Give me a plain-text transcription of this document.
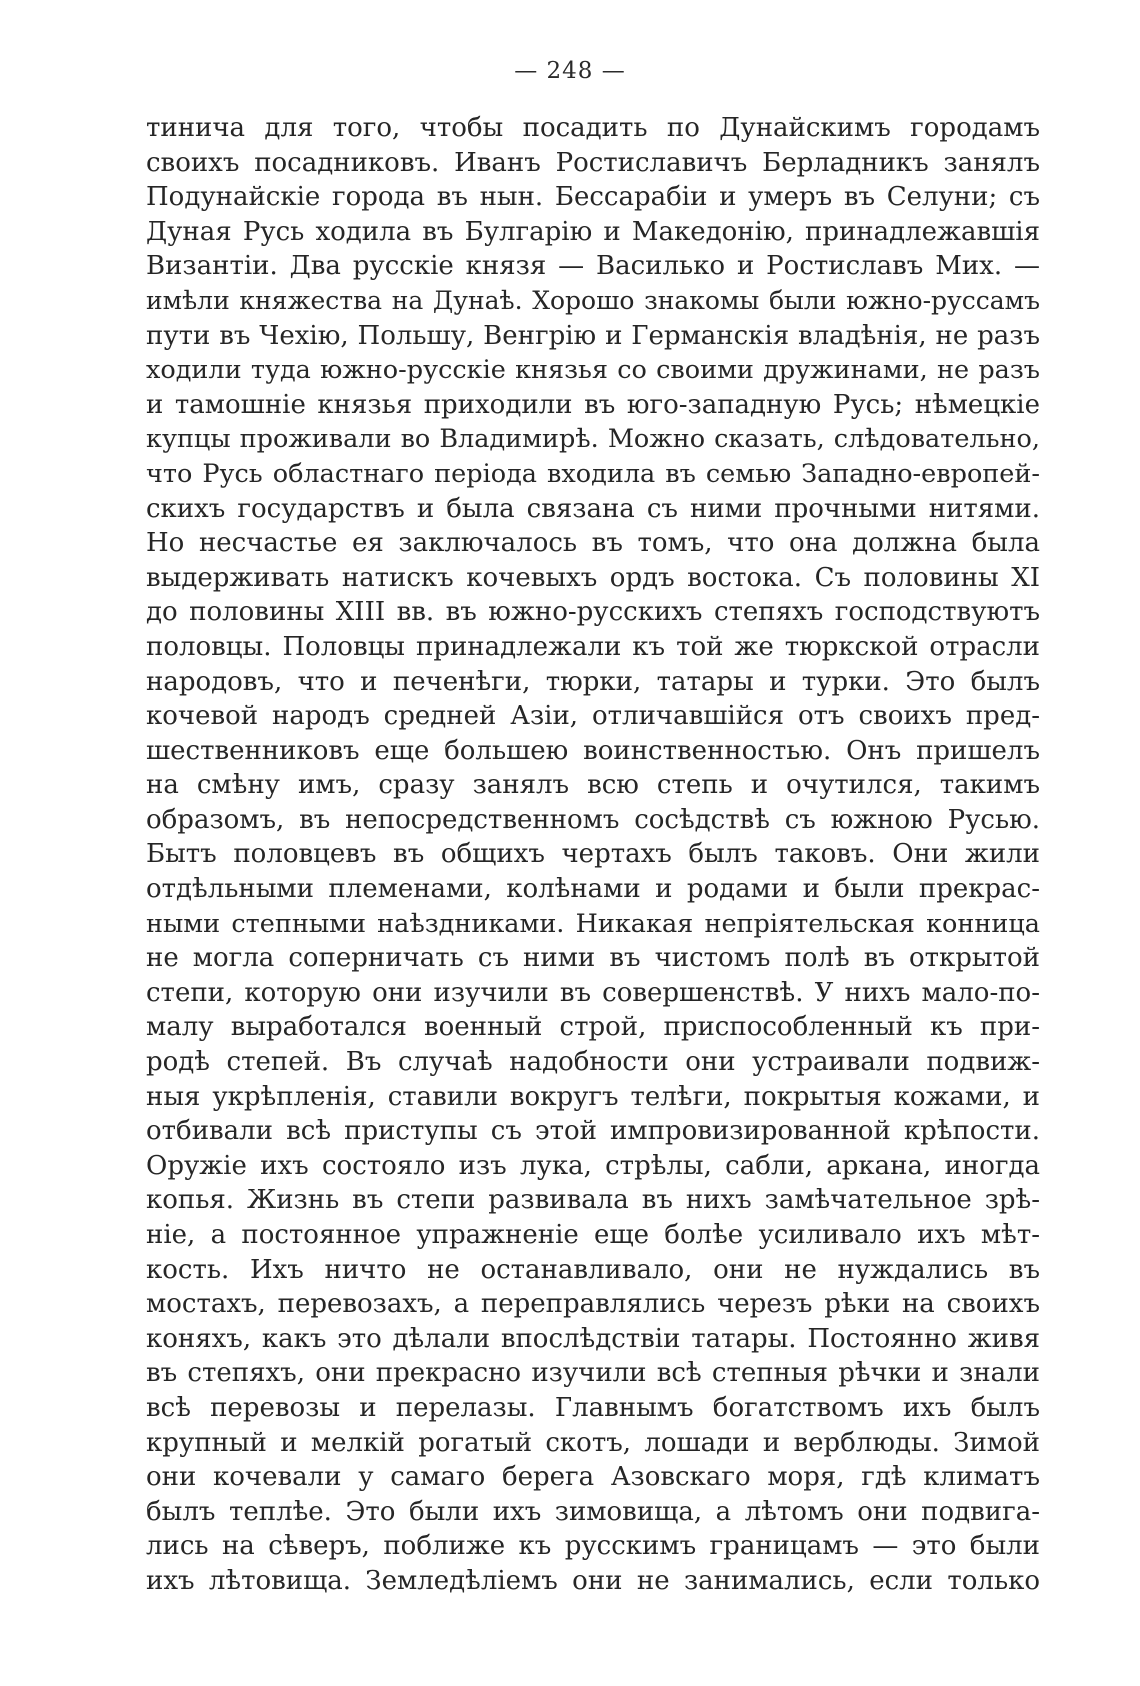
— 248 —
тинича для того, чтобы посадить по Дунайскимъ городамъ
своихъ посадниковъ. Иванъ Ростиславичъ Берладникъ занялъ
Подунайскіе города въ нын. Бессарабіи и умеръ въ Селуни; съ
Дуная Русь ходила въ Булгарію и Македонію, принадлежавшія
Византіи. Два русскіе князя — Василько и Ростиславъ Мих. —
имѣли княжества на Дунаѣ. Хорошо знакомы были южно-руссамъ
пути въ Чехію, Польшу, Венгрію и Германскія владѣнія, не разъ
ходили туда южно-русскіе князья со своими дружинами, не разъ
и тамошніе князья приходили въ юго-западную Русь; нѣмецкіе
купцы проживали во Владимирѣ. Можно сказать, слѣдовательно,
что Русь областнаго періода входила въ семью Западно-европей-
скихъ государствъ и была связана съ ними прочными нитями.
Но несчастье ея заключалось въ томъ, что она должна была
выдерживать натискъ кочевыхъ ордъ востока. Съ половины XI
до половины XIII вв. въ южно-русскихъ степяхъ господствуютъ
половцы. Половцы принадлежали къ той же тюркской отрасли
народовъ, что и печенѣги, тюрки, татары и турки. Это былъ
кочевой народъ средней Азіи, отличавшійся отъ своихъ пред-
шественниковъ еще большею воинственностью. Онъ пришелъ
на смѣну имъ, сразу занялъ всю степь и очутился, такимъ
образомъ, въ непосредственномъ сосѣдствѣ съ южною Русью.
Бытъ половцевъ въ общихъ чертахъ былъ таковъ. Они жили
отдѣльными племенами, колѣнами и родами и были прекрас-
ными степными наѣздниками. Никакая непріятельская конница
не могла соперничать съ ними въ чистомъ полѣ въ открытой
степи, которую они изучили въ совершенствѣ. У нихъ мало-по-
малу выработался военный строй, приспособленный къ при-
родѣ степей. Въ случаѣ надобности они устраивали подвиж-
ныя укрѣпленія, ставили вокругъ телѣги, покрытыя кожами, и
отбивали всѣ приступы съ этой импровизированной крѣпости.
Оружіе ихъ состояло изъ лука, стрѣлы, сабли, аркана, иногда
копья. Жизнь въ степи развивала въ нихъ замѣчательное зрѣ-
ніе, а постоянное упражненіе еще болѣе усиливало ихъ мѣт-
кость. Ихъ ничто не останавливало, они не нуждались въ
мостахъ, перевозахъ, а переправлялись черезъ рѣки на своихъ
коняхъ, какъ это дѣлали впослѣдствіи татары. Постоянно живя
въ степяхъ, они прекрасно изучили всѣ степныя рѣчки и знали
всѣ перевозы и перелазы. Главнымъ богатствомъ ихъ былъ
крупный и мелкій рогатый скотъ, лошади и верблюды. Зимой
они кочевали у самаго берега Азовскаго моря, гдѣ климатъ
былъ теплѣе. Это были ихъ зимовища, а лѣтомъ они подвига-
лись на сѣверъ, поближе къ русскимъ границамъ — это были
ихъ лѣтовища. Земледѣліемъ они не занимались, если только
